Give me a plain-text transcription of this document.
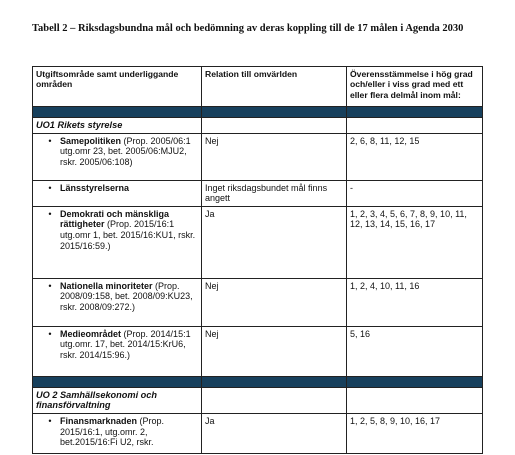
Tabell 2 – Riksdagsbundna mål och bedömning av deras koppling till de 17 målen i Agenda 2030
Utgiftsområde samt underliggande områden	Relation till omvärlden	Överensstämmelse i hög grad och/eller i viss grad med ett eller flera delmål inom mål:

UO1 Rikets styrelse		

• Samepolitiken (Prop. 2005/06:1 utg.omr 23, bet. 2005/06:MJU2, rskr. 2005/06:108)	Nej	2, 6, 8, 11, 12, 15

• Länsstyrelserna	Inget riksdagsbundet mål finns angett	-

• Demokrati och mänskliga rättigheter (Prop. 2015/16:1 utg.omr 1, bet. 2015/16:KU1, rskr. 2015/16:59.)	Ja	1, 2, 3, 4, 5, 6, 7, 8, 9, 10, 11, 12, 13, 14, 15, 16, 17

• Nationella minoriteter (Prop. 2008/09:158, bet. 2008/09:KU23, rskr. 2008/09:272.)	Nej	1, 2, 4, 10, 11, 16

• Medieområdet (Prop. 2014/15:1 utg.omr. 17, bet. 2014/15:KrU6, rskr. 2014/15:96.)	Nej	5, 16

UO 2 Samhällsekonomi och finansförvaltning		

• Finansmarknaden (Prop. 2015/16:1, utg.omr. 2, bet.2015/16:Fi U2, rskr.	Ja	1, 2, 5, 8, 9, 10, 16, 17
